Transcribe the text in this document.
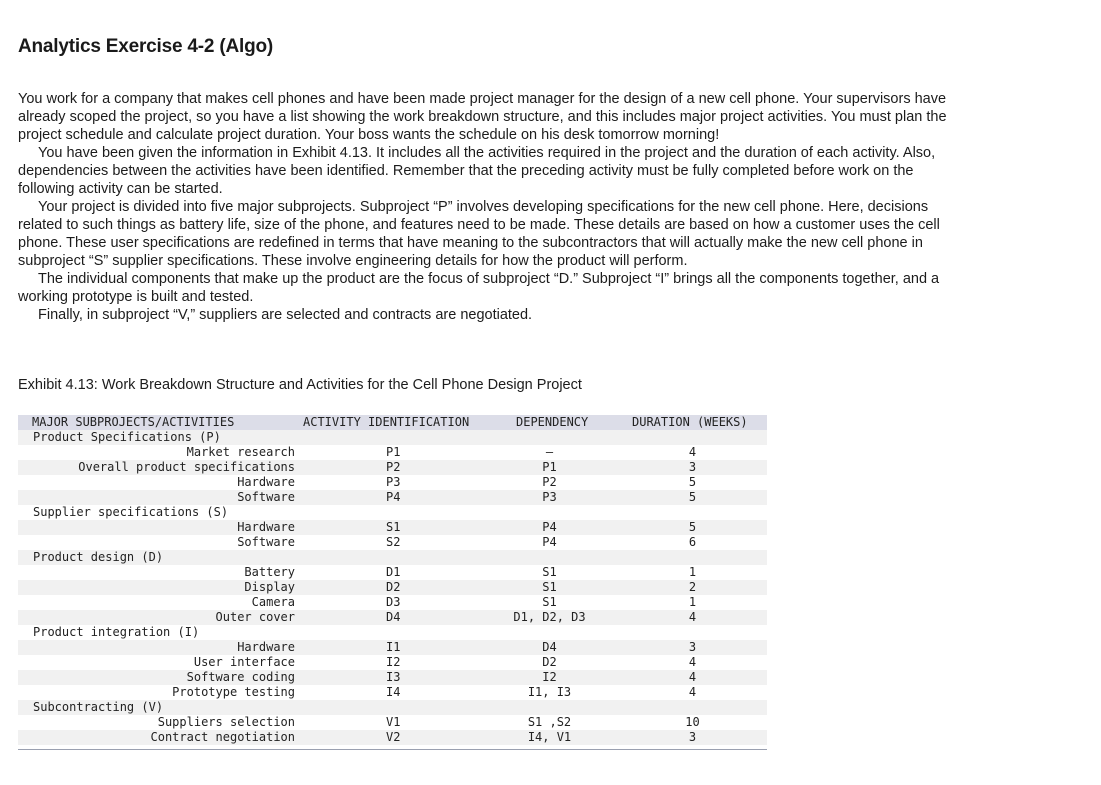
Analytics Exercise 4-2 (Algo)

You work for a company that makes cell phones and have been made project manager for the design of a new cell phone. Your supervisors have already scoped the project, so you have a list showing the work breakdown structure, and this includes major project activities. You must plan the project schedule and calculate project duration. Your boss wants the schedule on his desk tomorrow morning!

You have been given the information in Exhibit 4.13. It includes all the activities required in the project and the duration of each activity. Also, dependencies between the activities have been identified. Remember that the preceding activity must be fully completed before work on the following activity can be started.

Your project is divided into five major subprojects. Subproject “P” involves developing specifications for the new cell phone. Here, decisions related to such things as battery life, size of the phone, and features need to be made. These details are based on how a customer uses the cell phone. These user specifications are redefined in terms that have meaning to the subcontractors that will actually make the new cell phone in subproject “S” supplier specifications. These involve engineering details for how the product will perform.

The individual components that make up the product are the focus of subproject “D.” Subproject “I” brings all the components together, and a working prototype is built and tested.

Finally, in subproject “V,” suppliers are selected and contracts are negotiated.

Exhibit 4.13: Work Breakdown Structure and Activities for the Cell Phone Design Project

MAJOR SUBPROJECTS/ACTIVITIES	ACTIVITY IDENTIFICATION	DEPENDENCY	DURATION (WEEKS)
Product Specifications (P)			
Market research	P1	–	4
Overall product specifications	P2	P1	3
Hardware	P3	P2	5
Software	P4	P3	5
Supplier specifications (S)			
Hardware	S1	P4	5
Software	S2	P4	6
Product design (D)			
Battery	D1	S1	1
Display	D2	S1	2
Camera	D3	S1	1
Outer cover	D4	D1, D2, D3	4
Product integration (I)			
Hardware	I1	D4	3
User interface	I2	D2	4
Software coding	I3	I2	4
Prototype testing	I4	I1, I3	4
Subcontracting (V)			
Suppliers selection	V1	S1 ,S2	10
Contract negotiation	V2	I4, V1	3
